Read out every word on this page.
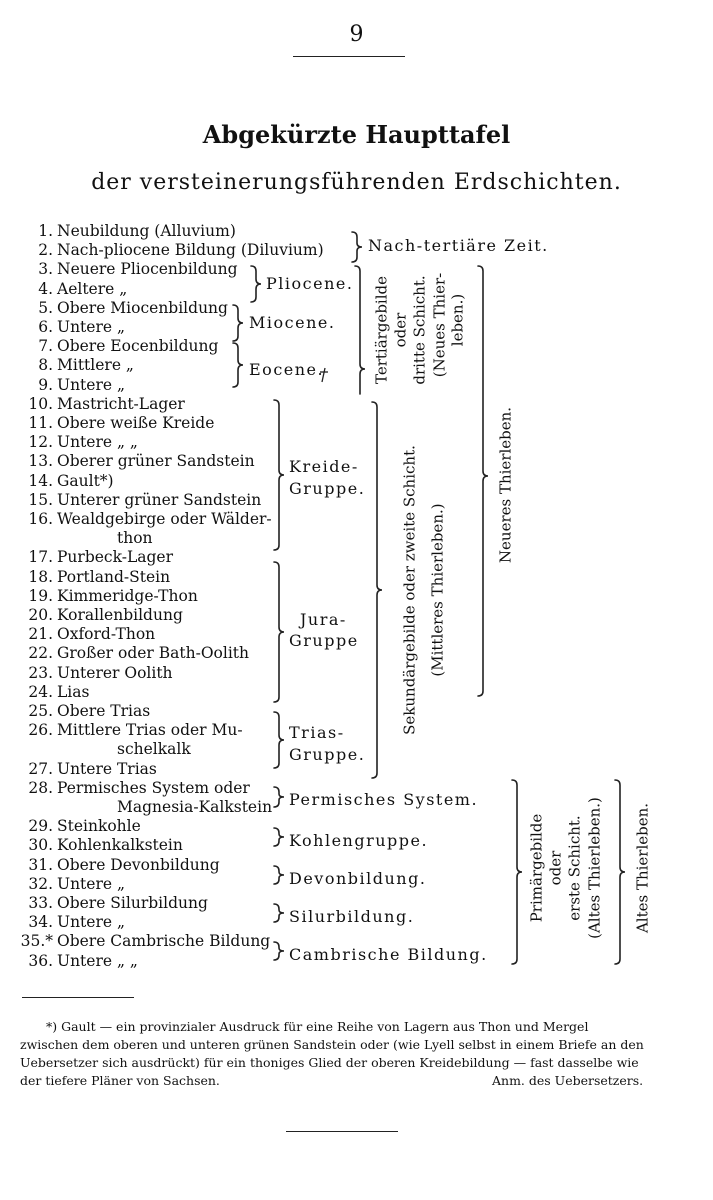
9
Abgekürzte Haupttafel
der versteinerungsführenden Erdschichten.
1. Neubildung (Alluvium)
2. Nach-pliocene Bildung (Diluvium)
3. Neuere Pliocenbildung
4. Aeltere „
5. Obere Miocenbildung
6. Untere „
7. Obere Eocenbildung
8. Mittlere „
9. Untere „
10. Mastricht-Lager
11. Obere weiße Kreide
12. Untere „ „
13. Oberer grüner Sandstein
14. Gault*)
15. Unterer grüner Sandstein
16. Wealdgebirge oder Wälder-
thon
17. Purbeck-Lager
18. Portland-Stein
19. Kimmeridge-Thon
20. Korallenbildung
21. Oxford-Thon
22. Großer oder Bath-Oolith
23. Unterer Oolith
24. Lias
25. Obere Trias
26. Mittlere Trias oder Mu-
schelkalk
27. Untere Trias
28. Permisches System oder
Magnesia-Kalkstein
29. Steinkohle
30. Kohlenkalkstein
31. Obere Devonbildung
32. Untere „
33. Obere Silurbildung
34. Untere „
35.* Obere Cambrische Bildung
36. Untere „ „
Nach-tertiäre Zeit.
Pliocene.
Miocene.
Eocene.
Kreide-
Gruppe.
Jura-
Gruppe
Trias-
Gruppe.
Permisches System.
Kohlengruppe.
Devonbildung.
Silurbildung.
Cambrische Bildung.
Tertiärgebilde oder dritte Schicht. (Neues Thier- leben.)
Sekundärgebilde oder zweite Schicht. (Mittleres Thierleben.)
Neueres Thierleben.
Primärgebilde oder erste Schicht. (Altes Thierleben.) Altes Thierleben.
*) Gault — ein provinzialer Ausdruck für eine Reihe von Lagern aus Thon und Mergel
zwischen dem oberen und unteren grünen Sandstein oder (wie Lyell selbst in einem Briefe an den
Uebersetzer sich ausdrückt) für ein thoniges Glied der oberen Kreidebildung — fast dasselbe wie
der tiefere Pläner von Sachsen.	Anm. des Uebersetzers.
